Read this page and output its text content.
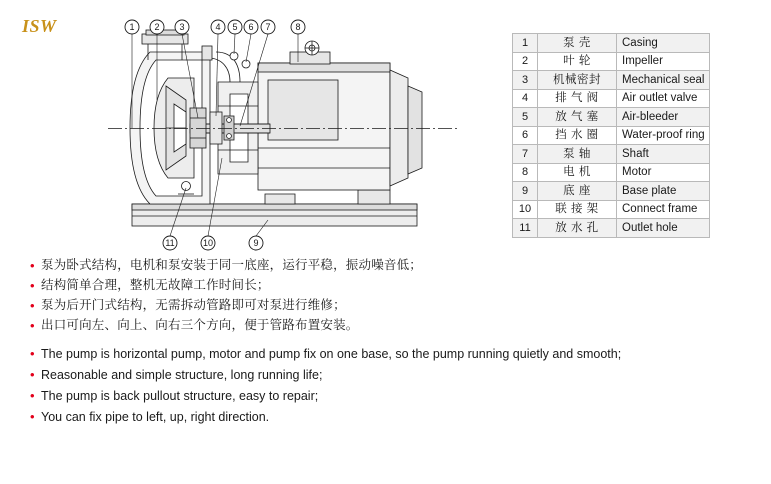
ISW	1 2 3	4 5 6 7	8
11	10	9
1	泵 壳	Casing
2	叶 轮	Impeller
3	机械密封	Mechanical seal
4	排 气 阀	Air outlet valve
5	放 气 塞	Air-bleeder
6	挡 水 圈	Water-proof ring
7	泵 轴	Shaft
8	电 机	Motor
9	底 座	Base plate
10	联 接 架	Connect frame
11	放 水 孔	Outlet hole
• 泵为卧式结构，电机和泵安装于同一底座，运行平稳，振动噪音低；
• 结构简单合理，整机无故障工作时间长；
• 泵为后开门式结构，无需拆动管路即可对泵进行维修；
• 出口可向左、向上、向右三个方向，便于管路布置安装。
• The pump is horizontal pump, motor and pump fix on one base, so the pump running quietly and smooth;
• Reasonable and simple structure, long running life;
• The pump is back pullout structure, easy to repair;
• You can fix pipe to left, up, right direction.
